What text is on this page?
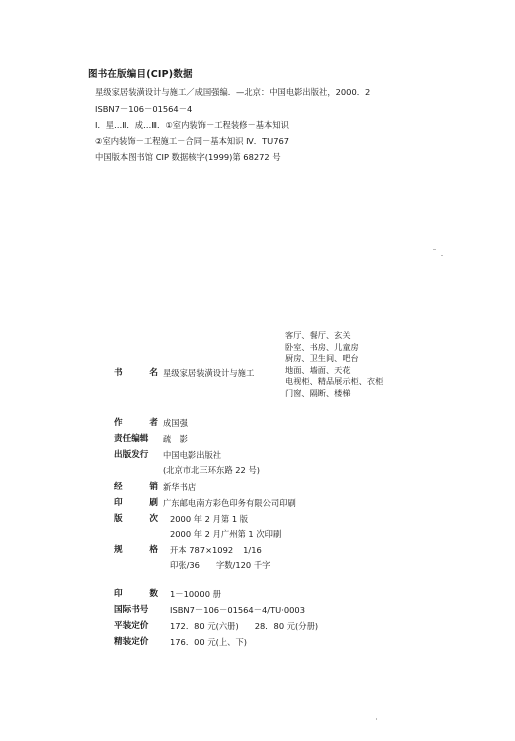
图书在版编目(CIP)数据
星级家居装潢设计与施工／成国强编．—北京：中国电影出版社，2000．2
ISBN7－106－01564－4
Ⅰ．星…Ⅱ．成…Ⅲ．①室内装饰－工程装修－基本知识
②室内装饰－工程施工－合同－基本知识 Ⅳ．TU767
中国版本图书馆 CIP 数据核字(1999)第 68272 号
客厅、餐厅、玄关
卧室、书房、儿童房
厨房、卫生间、吧台
地面、墙面、天花
电视柜、精品展示柜、衣柜
门窗、隔断、楼梯
书	名 星级家居装潢设计与施工
作	者 成国强
责任编辑	疏　影
出版发行	中国电影出版社
(北京市北三环东路 22 号)
经	销 新华书店
印	刷 广东邮电南方彩色印务有限公司印刷
版	次 2000 年 2 月第 1 版
2000 年 2 月广州第 1 次印刷
规	格 开本 787×1092 1/16
印张/36 字数/120 千字
印	数 1－10000 册
国际书号	ISBN7－106－01564－4/TU·0003
平装定价	172．80 元(六册) 28．80 元(分册)
精装定价	176．00 元(上、下)
